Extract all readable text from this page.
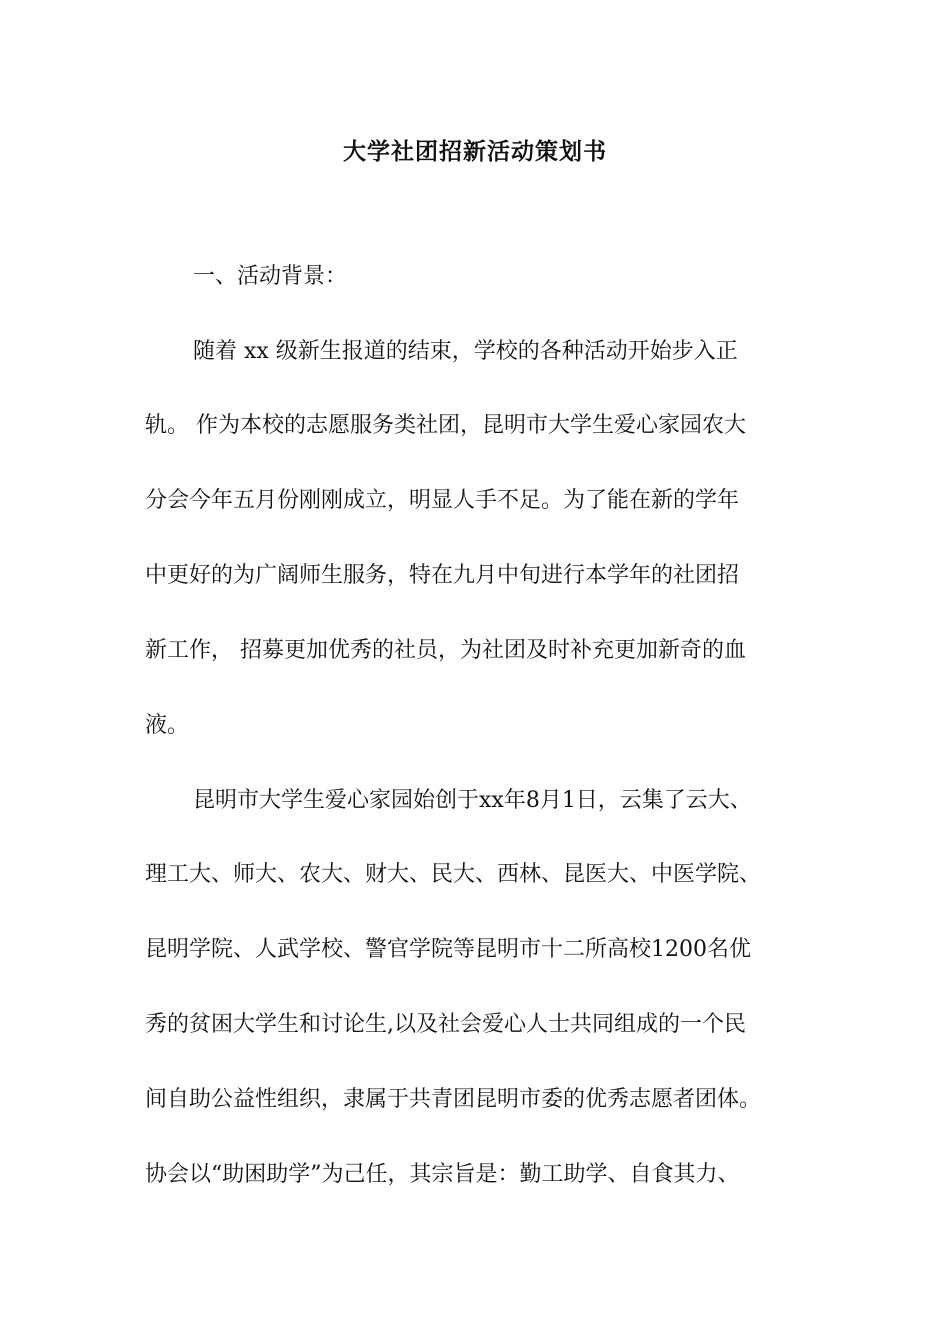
大学社团招新活动策划书

一、活动背景：

随着 xx 级新生报道的结束，学校的各种活动开始步入正

轨。 作为本校的志愿服务类社团，昆明市大学生爱心家园农大

分会今年五月份刚刚成立，明显人手不足。为了能在新的学年

中更好的为广阔师生服务，特在九月中旬进行本学年的社团招

新工作， 招募更加优秀的社员，为社团及时补充更加新奇的血

液。

昆明市大学生爱心家园始创于xx年8月1日，云集了云大、

理工大、师大、农大、财大、民大、西林、昆医大、中医学院、

昆明学院、人武学校、警官学院等昆明市十二所高校1200名优

秀的贫困大学生和讨论生,以及社会爱心人士共同组成的一个民

间自助公益性组织，隶属于共青团昆明市委的优秀志愿者团体。

协会以“助困助学”为己任，其宗旨是：勤工助学、自食其力、
